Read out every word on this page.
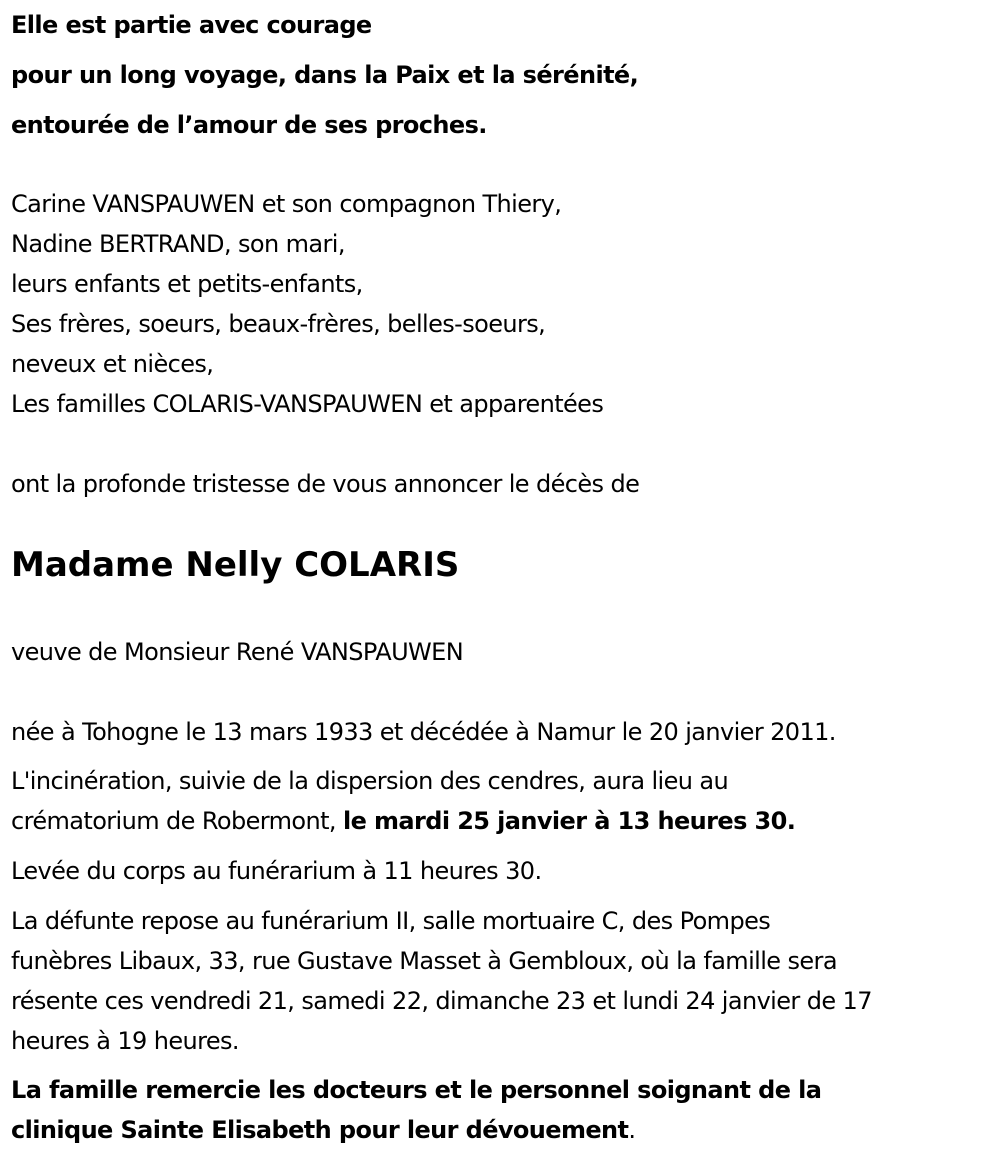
Elle est partie avec courage
pour un long voyage, dans la Paix et la sérénité,
entourée de l’amour de ses proches.
Carine VANSPAUWEN et son compagnon Thiery,
Nadine BERTRAND, son mari,
leurs enfants et petits-enfants,
Ses frères, soeurs, beaux-frères, belles-soeurs,
neveux et nièces,
Les familles COLARIS-VANSPAUWEN et apparentées
ont la profonde tristesse de vous annoncer le décès de
Madame Nelly COLARIS
veuve de Monsieur René VANSPAUWEN
née à Tohogne le 13 mars 1933 et décédée à Namur le 20 janvier 2011.
L'incinération, suivie de la dispersion des cendres, aura lieu au
crématorium de Robermont, le mardi 25 janvier à 13 heures 30.
Levée du corps au funérarium à 11 heures 30.
La défunte repose au funérarium II, salle mortuaire C, des Pompes
funèbres Libaux, 33, rue Gustave Masset à Gembloux, où la famille sera
résente ces vendredi 21, samedi 22, dimanche 23 et lundi 24 janvier de 17
heures à 19 heures.
La famille remercie les docteurs et le personnel soignant de la
clinique Sainte Elisabeth pour leur dévouement.
